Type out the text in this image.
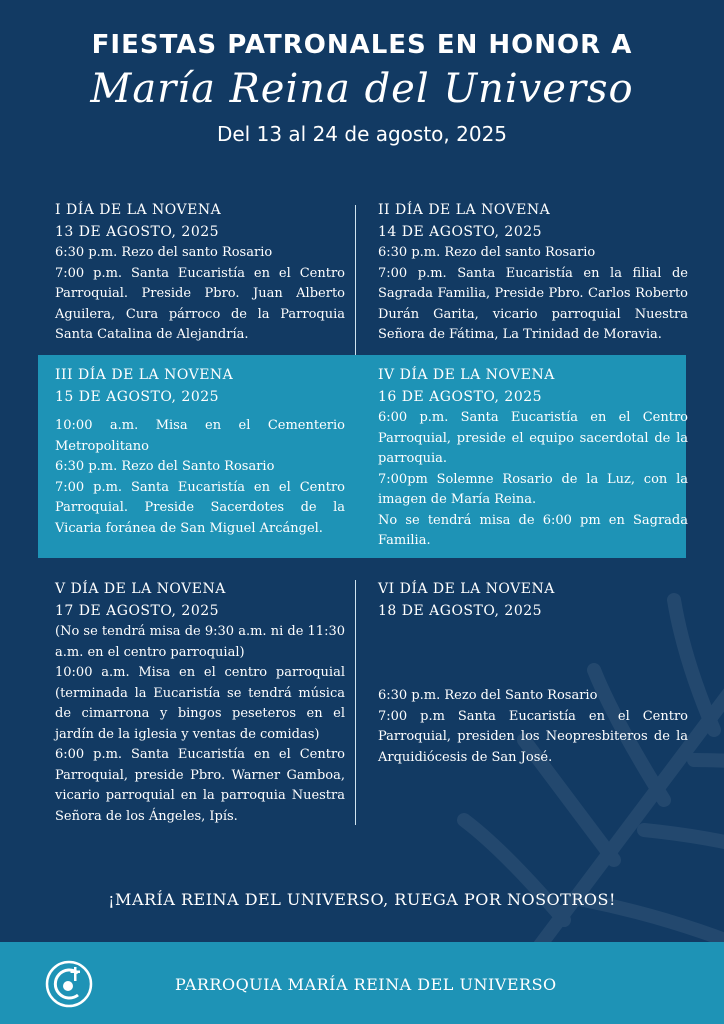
FIESTAS PATRONALES EN HONOR A
María Reina del Universo
Del 13 al 24 de agosto, 2025
I DÍA DE LA NOVENA
13 DE AGOSTO, 2025
6:30 p.m. Rezo del santo Rosario
7:00 p.m. Santa Eucaristía en el Centro Parroquial. Preside Pbro. Juan Alberto Aguilera, Cura párroco de la Parroquia Santa Catalina de Alejandría.
II DÍA DE LA NOVENA
14 DE AGOSTO, 2025
6:30 p.m. Rezo del santo Rosario
7:00 p.m. Santa Eucaristía en la filial de Sagrada Familia, Preside Pbro. Carlos Roberto Durán Garita, vicario parroquial Nuestra Señora de Fátima, La Trinidad de Moravia.
III DÍA DE LA NOVENA
15 DE AGOSTO, 2025
10:00 a.m. Misa en el Cementerio Metropolitano
6:30 p.m. Rezo del Santo Rosario
7:00 p.m. Santa Eucaristía en el Centro Parroquial. Preside Sacerdotes de la Vicaria foránea de San Miguel Arcángel.
IV DÍA DE LA NOVENA
16 DE AGOSTO, 2025
6:00 p.m. Santa Eucaristía en el Centro Parroquial, preside el equipo sacerdotal de la parroquia.
7:00pm Solemne Rosario de la Luz, con la imagen de María Reina.
No se tendrá misa de 6:00 pm en Sagrada Familia.
V DÍA DE LA NOVENA
17 DE AGOSTO, 2025
(No se tendrá misa de 9:30 a.m. ni de 11:30 a.m. en el centro parroquial)
10:00 a.m. Misa en el centro parroquial (terminada la Eucaristía se tendrá música de cimarrona y bingos peseteros en el jardín de la iglesia y ventas de comidas)
6:00 p.m. Santa Eucaristía en el Centro Parroquial, preside Pbro. Warner Gamboa, vicario parroquial en la parroquia Nuestra Señora de los Ángeles, Ipís.
VI DÍA DE LA NOVENA
18 DE AGOSTO, 2025
6:30 p.m. Rezo del Santo Rosario
7:00 p.m Santa Eucaristía en el Centro Parroquial, presiden los Neopresbiteros de la Arquidiócesis de San José.
¡MARÍA REINA DEL UNIVERSO, RUEGA POR NOSOTROS!
PARROQUIA MARÍA REINA DEL UNIVERSO
